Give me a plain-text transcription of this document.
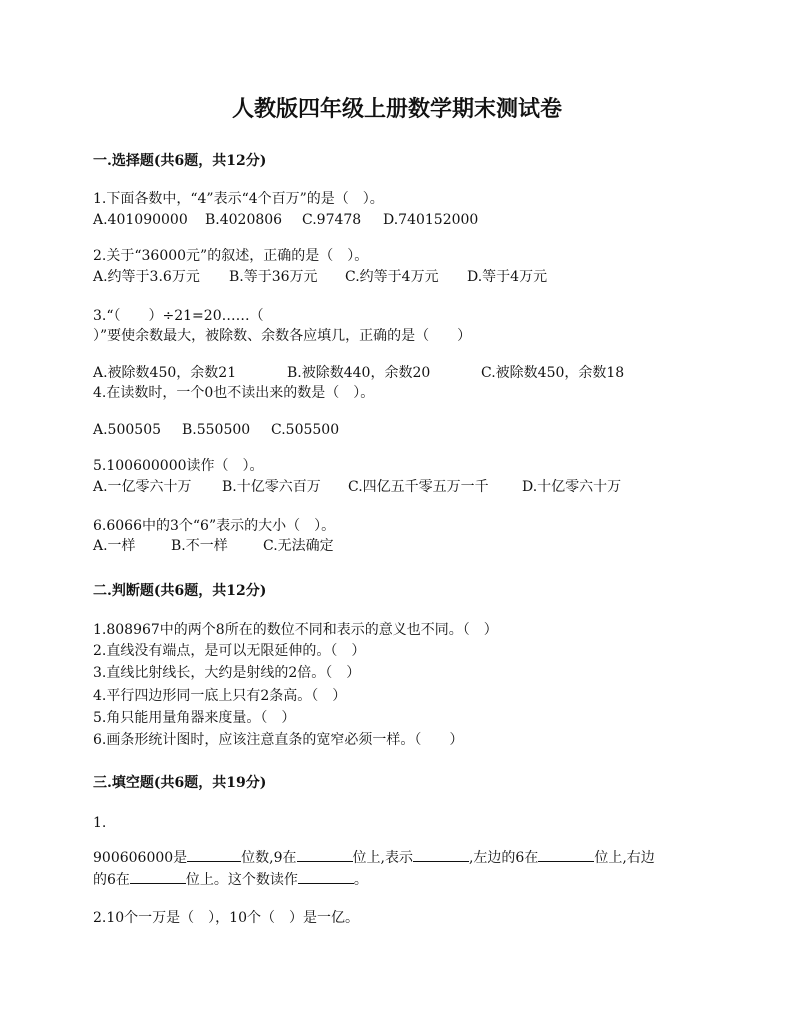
人教版四年级上册数学期末测试卷
一.选择题(共6题，共12分)
1.下面各数中，“4”表示“4个百万”的是（　）。
A.401090000 B.4020806 C.97478 D.740152000
2.关于“36000元”的叙述，正确的是（　）。
A.约等于3.6万元 B.等于36万元 C.约等于4万元 D.等于4万元
3.“（　　）÷21=20……（
）”要使余数最大，被除数、余数各应填几，正确的是（　　）
A.被除数450，余数21	B.被除数440，余数20	C.被除数450，余数18
4.在读数时，一个0也不读出来的数是（　）。
A.500505 B.550500 C.505500
5.100600000读作（　）。
A.一亿零六十万 B.十亿零六百万 C.四亿五千零五万一千 D.十亿零六十万
6.6066中的3个“6”表示的大小（　）。
A.一样	B.不一样	C.无法确定
二.判断题(共6题，共12分)
1.808967中的两个8所在的数位不同和表示的意义也不同。（　）
2.直线没有端点，是可以无限延伸的。（　）
3.直线比射线长，大约是射线的2倍。（　）
4.平行四边形同一底上只有2条高。（　）
5.角只能用量角器来度量。（　）
6.画条形统计图时，应该注意直条的宽窄必须一样。（　　）
三.填空题(共6题，共19分)
1.
900606000是	位数,9在	位上,表示	,左边的6在	位上,右边
的6在	位上。这个数读作	。
2.10个一万是（　），10个（　）是一亿。
